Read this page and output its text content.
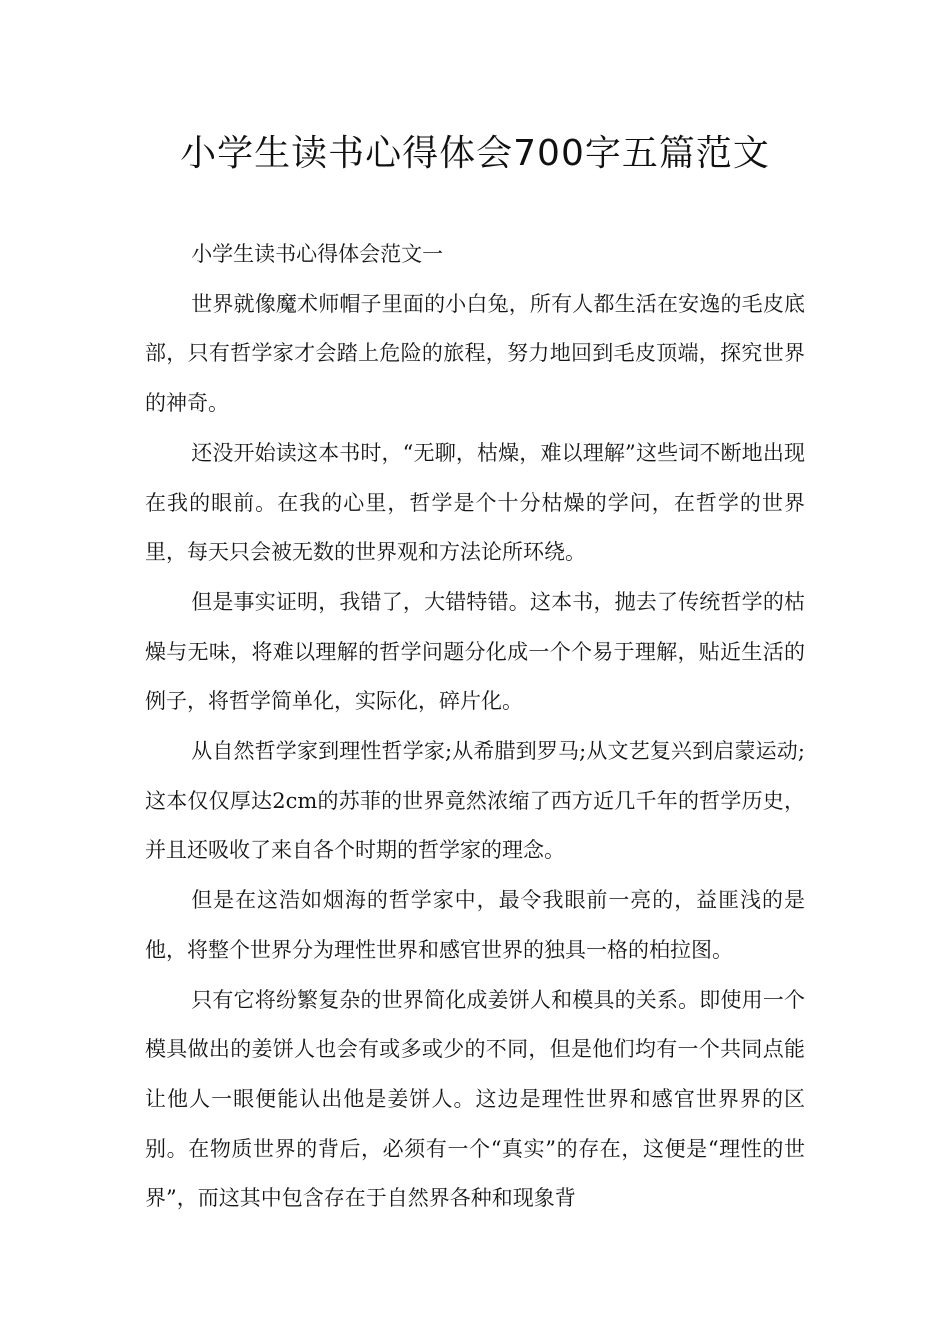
小学生读书心得体会700字五篇范文

小学生读书心得体会范文一

世界就像魔术师帽子里面的小白兔，所有人都生活在安逸的毛皮底部，只有哲学家才会踏上危险的旅程，努力地回到毛皮顶端，探究世界的神奇。

还没开始读这本书时，“无聊，枯燥，难以理解”这些词不断地出现在我的眼前。在我的心里，哲学是个十分枯燥的学问，在哲学的世界里，每天只会被无数的世界观和方法论所环绕。

但是事实证明，我错了，大错特错。这本书，抛去了传统哲学的枯燥与无味，将难以理解的哲学问题分化成一个个易于理解，贴近生活的例子，将哲学简单化，实际化，碎片化。

从自然哲学家到理性哲学家;从希腊到罗马;从文艺复兴到启蒙运动;这本仅仅厚达2cm的苏菲的世界竟然浓缩了西方近几千年的哲学历史，并且还吸收了来自各个时期的哲学家的理念。

但是在这浩如烟海的哲学家中，最令我眼前一亮的，益匪浅的是他，将整个世界分为理性世界和感官世界的独具一格的柏拉图。

只有它将纷繁复杂的世界简化成姜饼人和模具的关系。即使用一个模具做出的姜饼人也会有或多或少的不同，但是他们均有一个共同点能让他人一眼便能认出他是姜饼人。这边是理性世界和感官世界界的区别。在物质世界的背后，必须有一个“真实”的存在，这便是“理性的世界”，而这其中包含存在于自然界各种和现象背
